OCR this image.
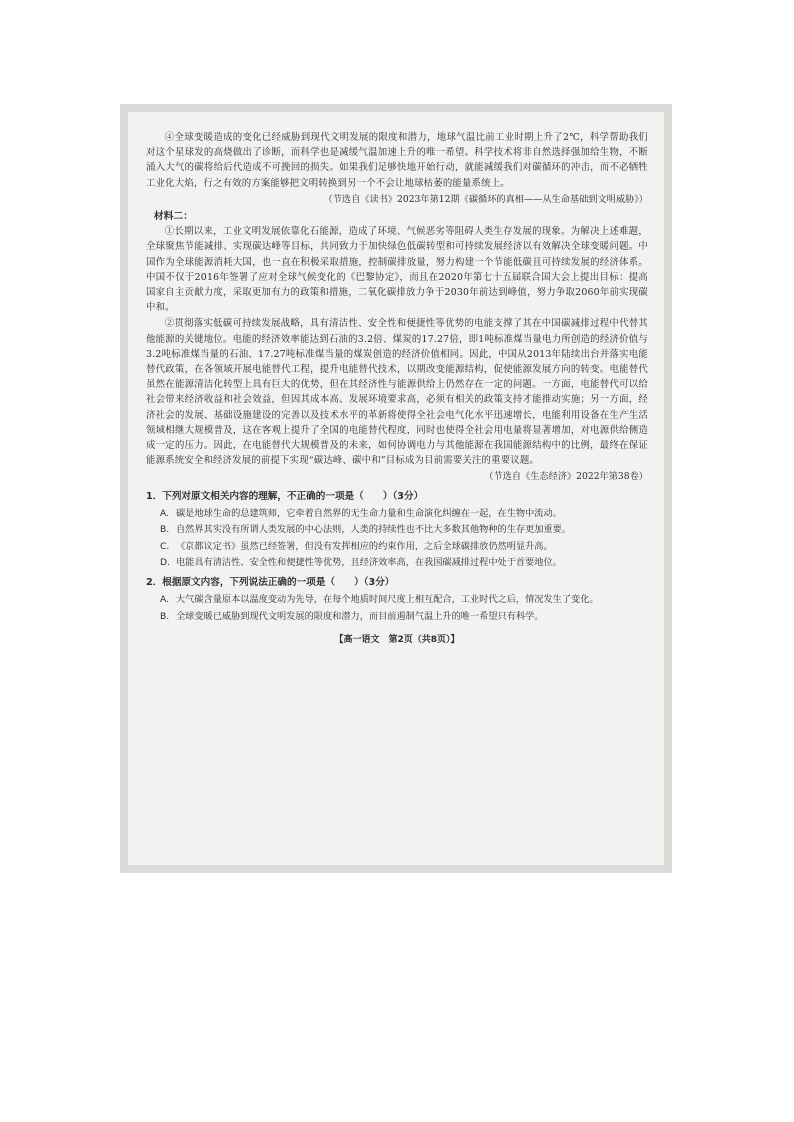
④全球变暖造成的变化已经威胁到现代文明发展的限度和潜力，地球气温比前工业时期上升了2℃，科学帮助我们对这个星球发的高烧做出了诊断，而科学也是减缓气温加速上升的唯一希望。科学技术将非自然选择强加给生物，不断涌入大气的碳将给后代造成不可挽回的损失。如果我们足够快地开始行动，就能减缓我们对碳循环的冲击，而不必牺牲工业化大焰，行之有效的方案能够把文明转换到另一个不会让地球枯萎的能量系统上。

（节选自《读书》2023年第12期《碳循环的真相——从生命基础到文明威胁》）

材料二：

①长期以来，工业文明发展依靠化石能源，造成了环境、气候恶劣等阻碍人类生存发展的现象。为解决上述难题，全球聚焦节能减排、实现碳达峰等目标，共同致力于加快绿色低碳转型和可持续发展经济以有效解决全球变暖问题。中国作为全球能源消耗大国，也一直在积极采取措施，控制碳排放量，努力构建一个节能低碳且可持续发展的经济体系。中国不仅于2016年签署了应对全球气候变化的《巴黎协定》，而且在2020年第七十五届联合国大会上提出目标：提高国家自主贡献力度，采取更加有力的政策和措施，二氧化碳排放力争于2030年前达到峰值，努力争取2060年前实现碳中和。

②贯彻落实低碳可持续发展战略，具有清洁性、安全性和便捷性等优势的电能支撑了其在中国碳减排过程中代替其他能源的关键地位。电能的经济效率能达到石油的3.2倍、煤炭的17.27倍，即1吨标准煤当量电力所创造的经济价值与3.2吨标准煤当量的石油、17.27吨标准煤当量的煤炭创造的经济价值相同。因此，中国从2013年陆续出台并落实电能替代政策，在各领域开展电能替代工程，提升电能替代技术，以期改变能源结构，促使能源发展方向的转变。电能替代虽然在能源清洁化转型上具有巨大的优势，但在其经济性与能源供给上仍然存在一定的问题。一方面，电能替代可以给社会带来经济收益和社会效益，但因其成本高、发展环境要求高，必须有相关的政策支持才能推动实施；另一方面，经济社会的发展、基础设施建设的完善以及技术水平的革新将使得全社会电气化水平迅速增长，电能利用设备在生产生活领域相继大规模普及，这在客观上提升了全国的电能替代程度，同时也使得全社会用电量将显著增加，对电源供给侧造成一定的压力。因此，在电能替代大规模普及的未来，如何协调电力与其他能源在我国能源结构中的比例，最终在保证能源系统安全和经济发展的前提下实现“碳达峰、碳中和”目标成为目前需要关注的重要议题。

（节选自《生态经济》2022年第38卷）

1．下列对原文相关内容的理解，不正确的一项是（　　）（3分）

A. 碳是地球生命的总建筑师，它牵着自然界的无生命力量和生命演化纠缠在一起，在生物中流动。

B. 自然界其实没有所谓人类发展的中心法则，人类的持续性也不比大多数其他物种的生存更加重要。

C. 《京都议定书》虽然已经签署，但没有发挥相应的约束作用，之后全球碳排放仍然明显升高。

D. 电能具有清洁性、安全性和便捷性等优势，且经济效率高，在我国碳减排过程中处于首要地位。

2．根据原文内容，下列说法正确的一项是（　　）（3分）

A. 大气碳含量原本以温度变动为先导，在每个地质时间尺度上相互配合，工业时代之后，情况发生了变化。

B. 全球变暖已威胁到现代文明发展的限度和潜力，而目前遏制气温上升的唯一希望只有科学。

【高一语文　第2页（共8页）】
